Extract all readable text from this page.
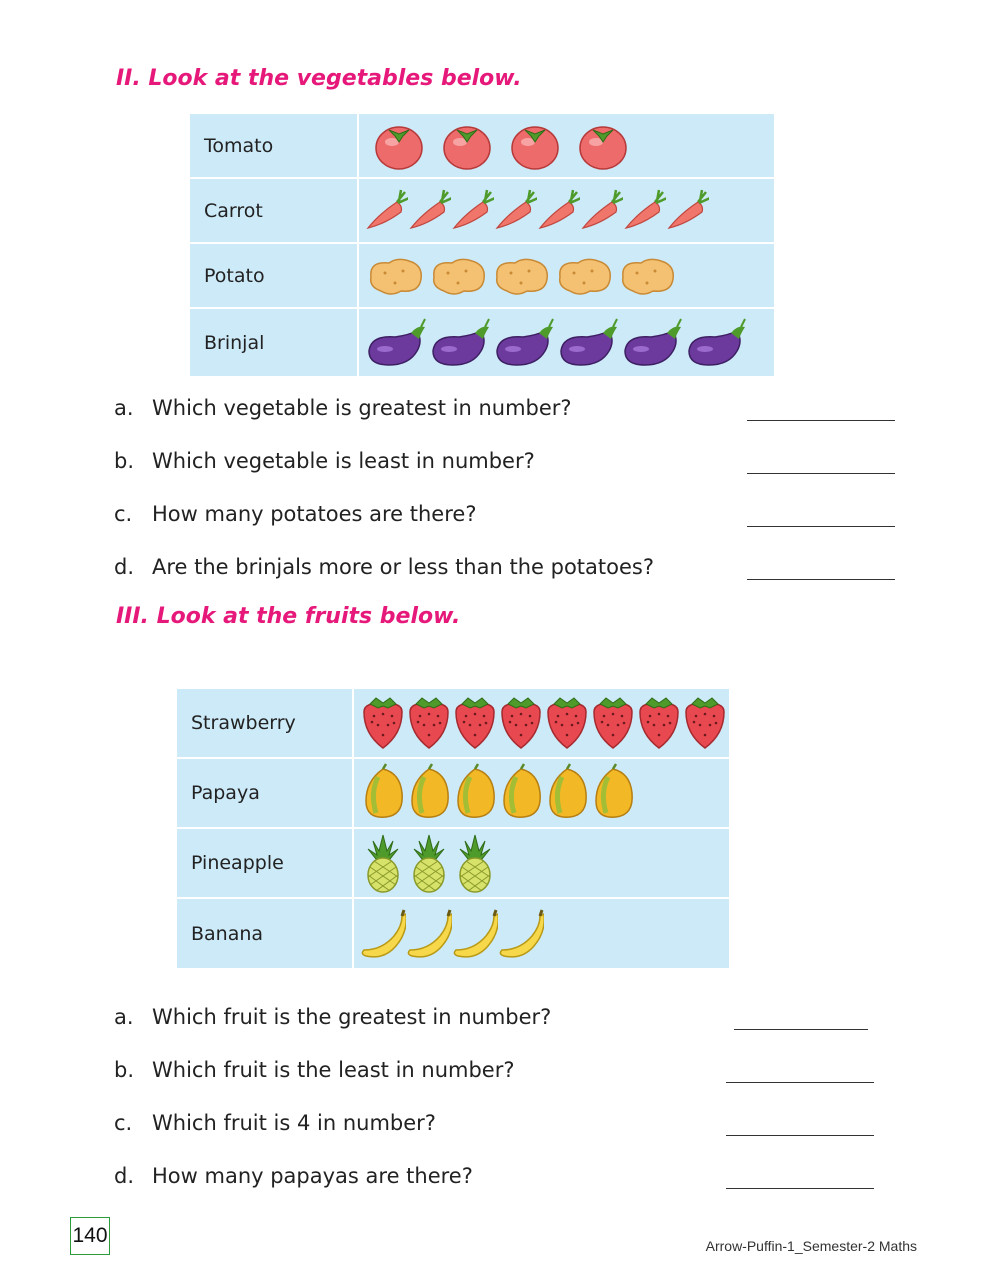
II. Look at the vegetables below.
Tomato
Carrot
Potato
Brinjal
a. Which vegetable is greatest in number?
b. Which vegetable is least in number?
c. How many potatoes are there?
d. Are the brinjals more or less than the potatoes?
III. Look at the fruits below.
Strawberry
Papaya
Pineapple
Banana
a. Which fruit is the greatest in number?
b. Which fruit is the least in number?
c. Which fruit is 4 in number?
d. How many papayas are there?
140	Arrow-Puffin-1_Semester-2 Maths
